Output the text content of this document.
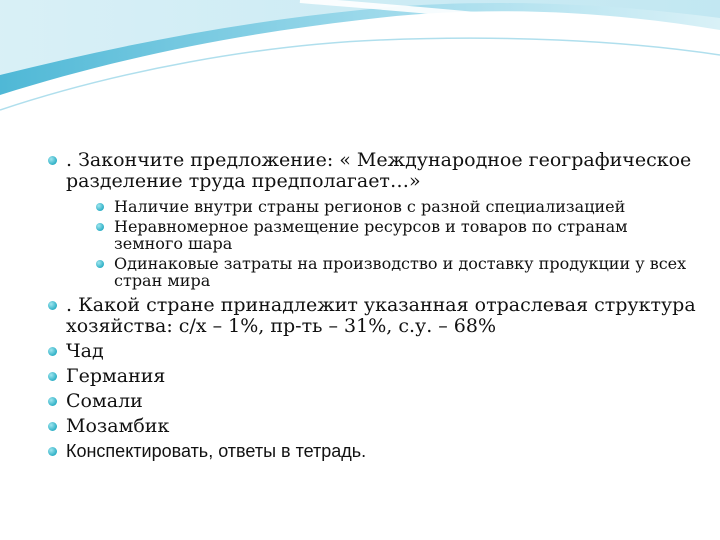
. Закончите предложение: « Международное географическое разделение труда предполагает…»
Наличие внутри страны регионов с разной специализацией
Неравномерное размещение ресурсов и товаров по странам земного шара
Одинаковые затраты на производство и доставку продукции у всех стран мира
. Какой стране принадлежит указанная отраслевая структура хозяйства: с/х – 1%, пр-ть – 31%, с.у. – 68%
Чад
Германия
Сомали
Мозамбик
Конспектировать, ответы в тетрадь.
